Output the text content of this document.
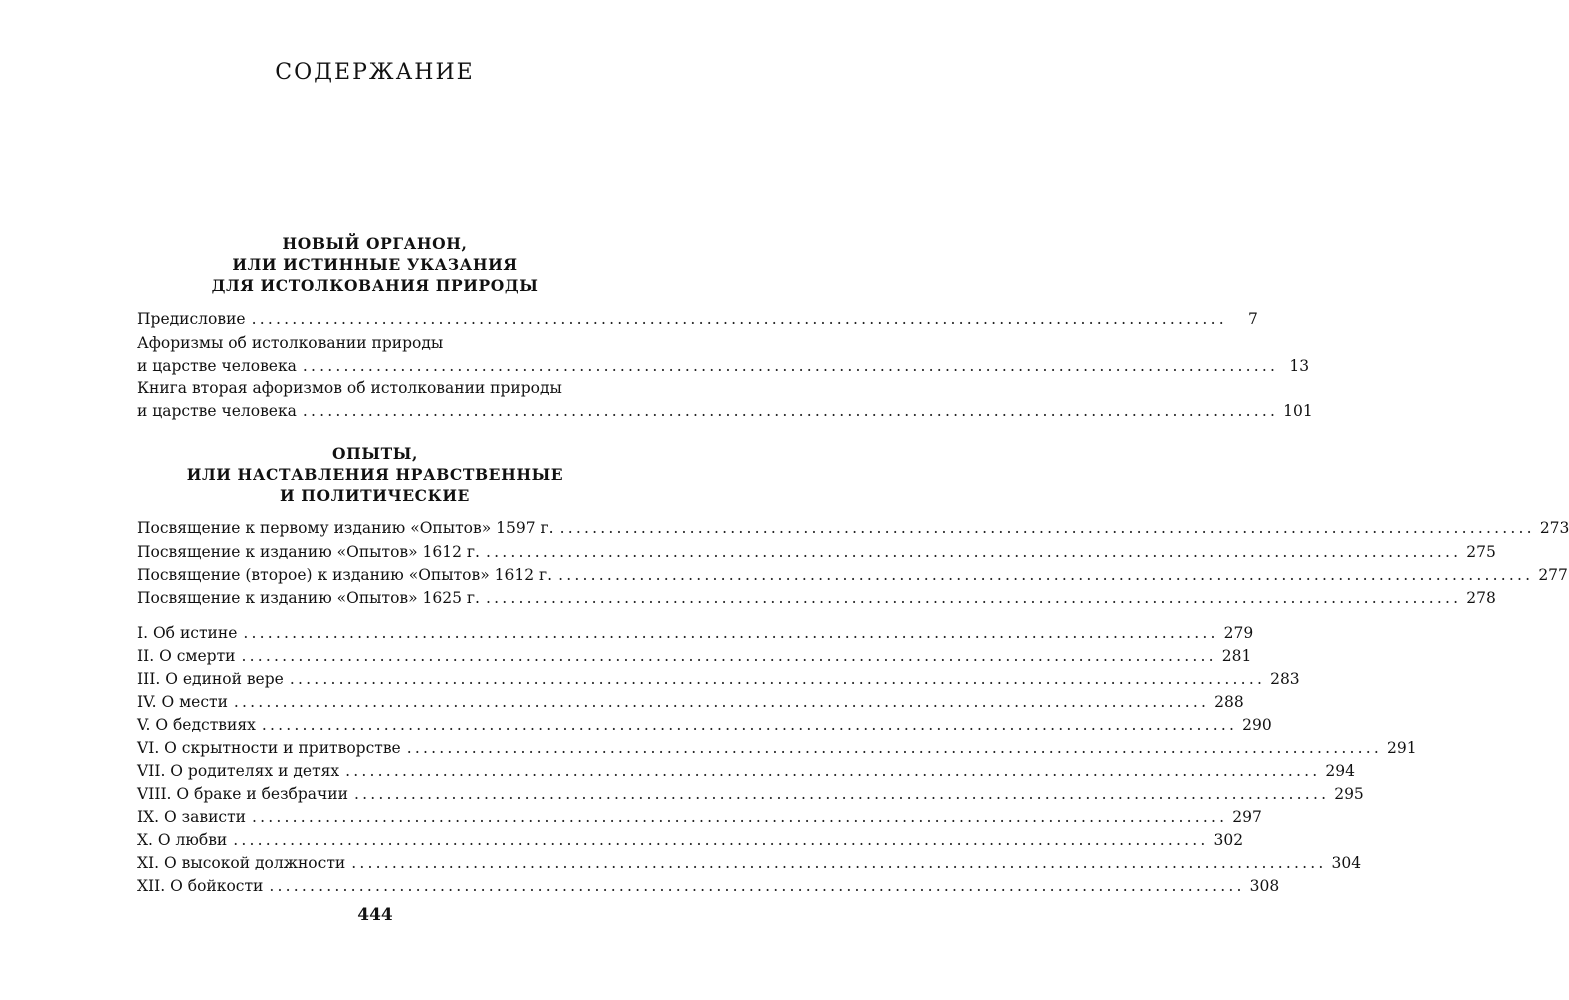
СОДЕРЖАНИЕ
НОВЫЙ ОРГАНОН,
ИЛИ ИСТИННЫЕ УКАЗАНИЯ
ДЛЯ ИСТОЛКОВАНИЯ ПРИРОДЫ
Предисловие ........................................................................................................................	7
Афоризмы об истолковании природы
и царстве человека ........................................................................................................................ 13
Книга вторая афоризмов об истолковании природы
и царстве человека ........................................................................................................................ 101
ОПЫТЫ,
ИЛИ НАСТАВЛЕНИЯ НРАВСТВЕННЫЕ
И ПОЛИТИЧЕСКИЕ
Посвящение к первому изданию «Опытов» 1597 г. ........................................................................................................................ 273
Посвящение к изданию «Опытов» 1612 г. ........................................................................................................................ 275
Посвящение (второе) к изданию «Опытов» 1612 г. ........................................................................................................................ 277
Посвящение к изданию «Опытов» 1625 г. ........................................................................................................................ 278
I. Об истине ........................................................................................................................ 279
II. О смерти ........................................................................................................................ 281
III. О единой вере ........................................................................................................................ 283
IV. О мести ........................................................................................................................ 288
V. О бедствиях ........................................................................................................................ 290
VI. О скрытности и притворстве ........................................................................................................................ 291
VII. О родителях и детях ........................................................................................................................ 294
VIII. О браке и безбрачии ........................................................................................................................ 295
IX. О зависти ........................................................................................................................ 297
X. О любви ........................................................................................................................ 302
XI. О высокой должности ........................................................................................................................ 304
XII. О бойкости ........................................................................................................................ 308
444
